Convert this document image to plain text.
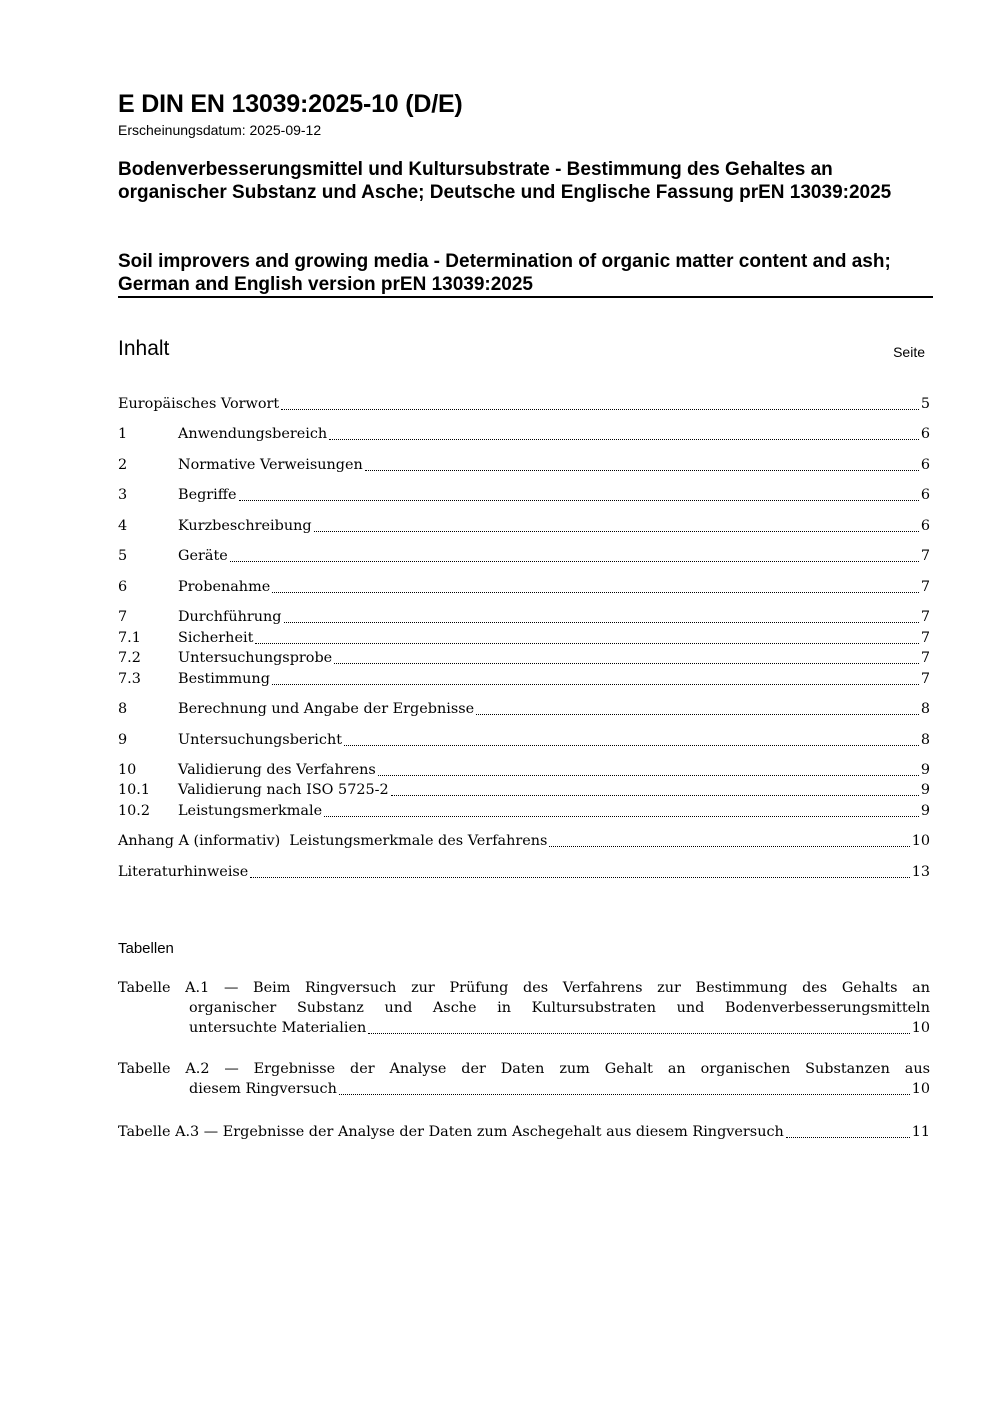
E DIN EN 13039:2025-10 (D/E)
Erscheinungsdatum: 2025-09-12
Bodenverbesserungsmittel und Kultursubstrate - Bestimmung des Gehaltes an organischer Substanz und Asche; Deutsche und Englische Fassung prEN 13039:2025
Soil improvers and growing media - Determination of organic matter content and ash; German and English version prEN 13039:2025
Inhalt	Seite
Europäisches Vorwort	5
1	Anwendungsbereich	6
2	Normative Verweisungen	6
3	Begriffe	6
4	Kurzbeschreibung	6
5	Geräte	7
6	Probenahme	7
7	Durchführung	7
7.1	Sicherheit	7
7.2	Untersuchungsprobe	7
7.3	Bestimmung	7
8	Berechnung und Angabe der Ergebnisse	8
9	Untersuchungsbericht	8
10	Validierung des Verfahrens	9
10.1	Validierung nach ISO 5725-2	9
10.2	Leistungsmerkmale	9
Anhang A (informativ)  Leistungsmerkmale des Verfahrens	10
Literaturhinweise	13
Tabellen
Tabelle A.1 — Beim Ringversuch zur Prüfung des Verfahrens zur Bestimmung des Gehalts an
organischer Substanz und Asche in Kultursubstraten und Bodenverbesserungsmitteln
untersuchte Materialien	10
Tabelle A.2 — Ergebnisse der Analyse der Daten zum Gehalt an organischen Substanzen aus
diesem Ringversuch	10
Tabelle A.3 — Ergebnisse der Analyse der Daten zum Aschegehalt aus diesem Ringversuch	11
